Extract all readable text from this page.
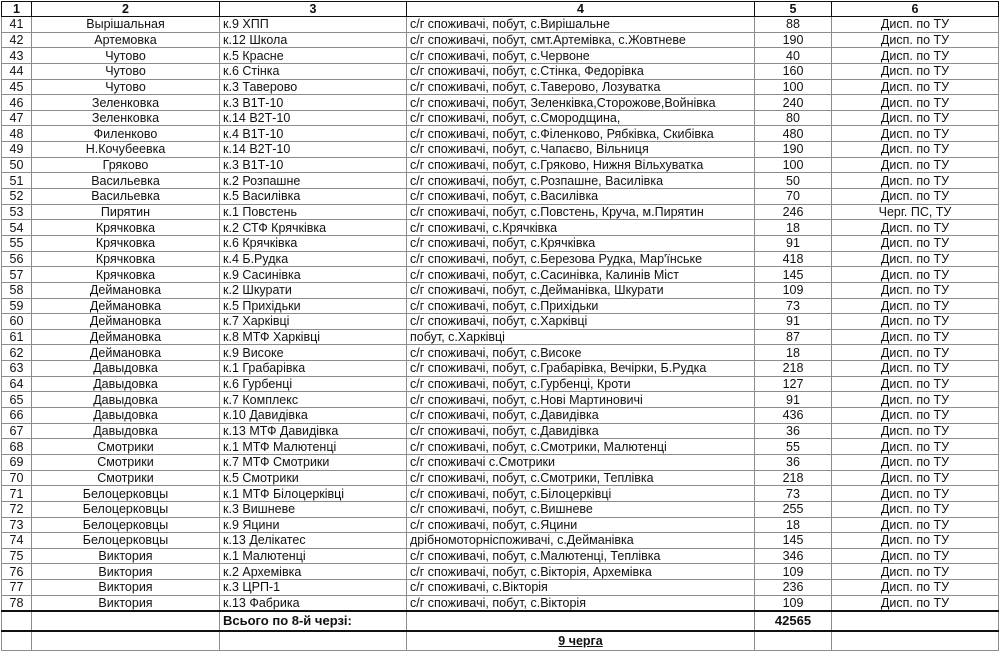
1	2	3	4	5	6
41	Вырішальная	к.9 ХПП	с/г споживачі, побут, с.Вирішальне	88	Дисп. по ТУ
42	Артемовка	к.12 Школа	с/г споживачі, побут, смт.Артемівка, с.Жовтневе	190	Дисп. по ТУ
43	Чутово	к.5 Красне	с/г споживачі, побут, с.Червоне	40	Дисп. по ТУ
44	Чутово	к.6 Стінка	с/г споживачі, побут, с.Стінка, Федорівка	160	Дисп. по ТУ
45	Чутово	к.3 Таверово	с/г споживачі, побут, с.Таверово, Лозуватка	100	Дисп. по ТУ
46	Зеленковка	к.3 В1Т-10	с/г споживачі, побут, Зеленківка,Сторожове,Войнівка	240	Дисп. по ТУ
47	Зеленковка	к.14 В2Т-10	с/г споживачі, побут, с.Смородщина,	80	Дисп. по ТУ
48	Филенково	к.4 В1Т-10	с/г споживачі, побут, с.Філенково, Рябківка, Скибівка	480	Дисп. по ТУ
49	Н.Кочубеевка	к.14 В2Т-10	с/г споживачі, побут, с.Чапаєво, Вільниця	190	Дисп. по ТУ
50	Гряково	к.3 В1Т-10	с/г споживачі, побут, с.Гряково, Нижня Вільхуватка	100	Дисп. по ТУ
51	Васильевка	к.2 Розпашне	с/г споживачі, побут, с.Розпашне, Василівка	50	Дисп. по ТУ
52	Васильевка	к.5 Василівка	с/г споживачі, побут, с.Василівка	70	Дисп. по ТУ
53	Пирятин	к.1 Повстень	с/г споживачі, побут, с.Повстень, Круча, м.Пирятин	246	Черг. ПС, ТУ
54	Крячковка	к.2 СТФ Крячківка	с/г споживачі, с.Крячківка	18	Дисп. по ТУ
55	Крячковка	к.6 Крячківка	с/г споживачі, побут, с.Крячківка	91	Дисп. по ТУ
56	Крячковка	к.4 Б.Рудка	с/г споживачі, побут, с.Березова Рудка, Мар'їнське	418	Дисп. по ТУ
57	Крячковка	к.9 Сасинівка	с/г споживачі, побут, с.Сасинівка, Калинів Міст	145	Дисп. по ТУ
58	Деймановка	к.2 Шкурати	с/г споживачі, побут, с.Дейманівка, Шкурати	109	Дисп. по ТУ
59	Деймановка	к.5 Прихідьки	с/г споживачі, побут, с.Прихідьки	73	Дисп. по ТУ
60	Деймановка	к.7 Харківці	с/г споживачі, побут, с.Харківці	91	Дисп. по ТУ
61	Деймановка	к.8 МТФ Харківці	побут, с.Харківці	87	Дисп. по ТУ
62	Деймановка	к.9 Високе	с/г споживачі, побут, с.Високе	18	Дисп. по ТУ
63	Давыдовка	к.1 Грабарівка	с/г споживачі, побут, с.Грабарівка, Вечірки, Б.Рудка	218	Дисп. по ТУ
64	Давыдовка	к.6 Гурбенці	с/г споживачі, побут, с.Гурбенці, Кроти	127	Дисп. по ТУ
65	Давыдовка	к.7 Комплекс	с/г споживачі, побут, с.Нові Мартиновичі	91	Дисп. по ТУ
66	Давыдовка	к.10 Давидівка	с/г споживачі, побут, с.Давидівка	436	Дисп. по ТУ
67	Давыдовка	к.13 МТФ Давидівка	с/г споживачі, побут, с.Давидівка	36	Дисп. по ТУ
68	Смотрики	к.1 МТФ Малютенці	с/г споживачі, побут, с.Смотрики, Малютенці	55	Дисп. по ТУ
69	Смотрики	к.7 МТФ Смотрики	с/г споживачі с.Смотрики	36	Дисп. по ТУ
70	Смотрики	к.5 Смотрики	с/г споживачі, побут, с.Смотрики, Теплівка	218	Дисп. по ТУ
71	Белоцерковцы	к.1 МТФ Білоцерківці	с/г споживачі, побут, с.Білоцерківці	73	Дисп. по ТУ
72	Белоцерковцы	к.3 Вишневе	с/г споживачі, побут, с.Вишневе	255	Дисп. по ТУ
73	Белоцерковцы	к.9 Яцини	с/г споживачі, побут, с.Яцини	18	Дисп. по ТУ
74	Белоцерковцы	к.13 Делікатес	дрібномоторніспоживачі, с.Дейманівка	145	Дисп. по ТУ
75	Виктория	к.1 Малютенці	с/г споживачі, побут, с.Малютенці, Теплівка	346	Дисп. по ТУ
76	Виктория	к.2 Архемівка	с/г споживачі, побут, с.Вікторія, Архемівка	109	Дисп. по ТУ
77	Виктория	к.3 ЦРП-1	с/г споживачі, с.Вікторія	236	Дисп. по ТУ
78	Виктория	к.13 Фабрика	с/г споживачі, побут, с.Вікторія	109	Дисп. по ТУ
		Всього по 8-й черзі:		42565	
			9 черга		
